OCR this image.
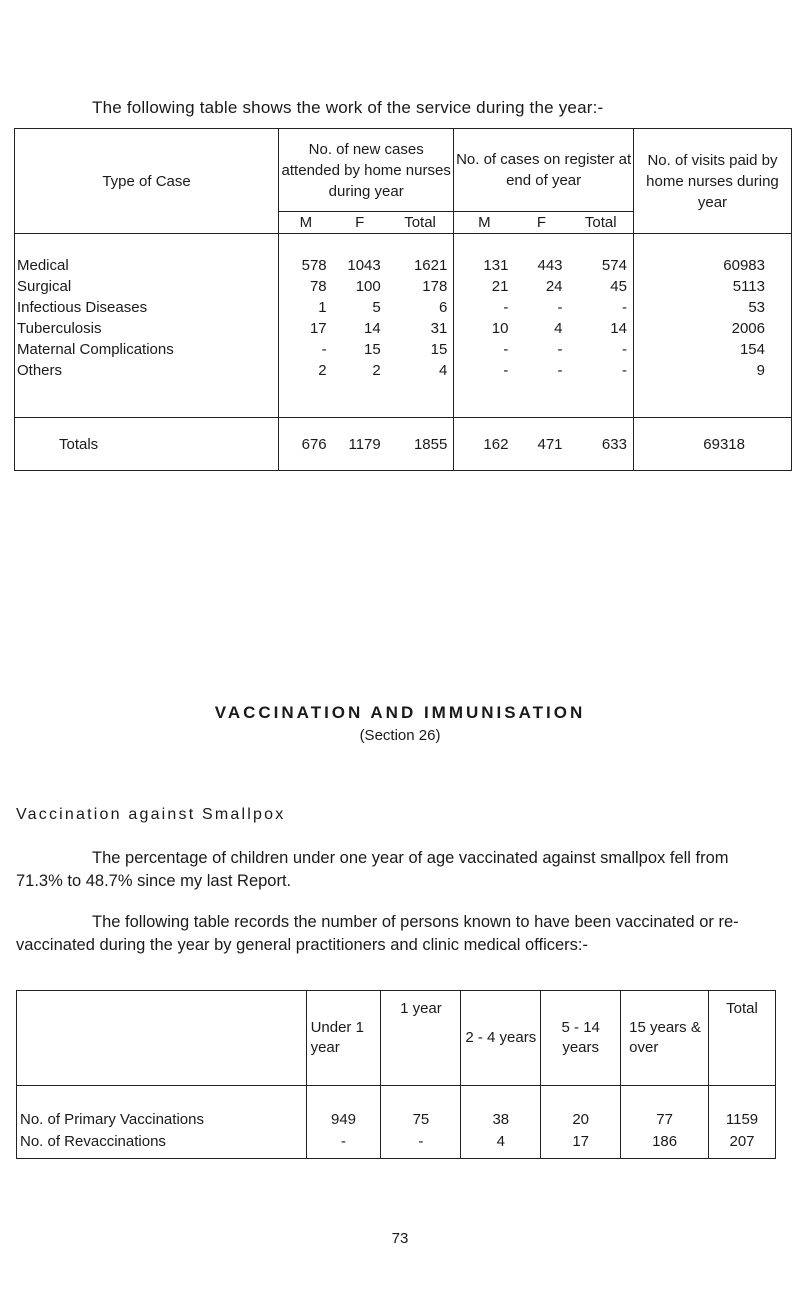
The following table shows the work of the service during the year:-
Type of Case	No. of new cases attended by home nurses during year			No. of cases on register at end of year			No. of visits paid by home nurses during year
	M	F	Total	M	F	Total	

Medical	578	1043	1621	131	443	574	60983
Surgical	78	100	178	21	24	45	5113
Infectious Diseases	1	5	6	-	-	-	53
Tuberculosis	17	14	31	10	4	14	2006
Maternal Complications	-	15	15	-	-	-	154
Others	2	2	4	-	-	-	9

Totals	676	1179	1855	162	471	633	69318
VACCINATION AND IMMUNISATION
(Section 26)
Vaccination against Smallpox
The percentage of children under one year of age vaccinated against smallpox fell from 71.3% to 48.7% since my last Report.
The following table records the number of persons known to have been vaccinated or re-vaccinated during the year by general practitioners and clinic medical officers:-
	Under 1 year	1 year	2 - 4 years	5 - 14 years	15 years & over	Total

No. of Primary Vaccinations	949	75	38	20	77	1159
No. of Revaccinations	-	-	4	17	186	207
73
